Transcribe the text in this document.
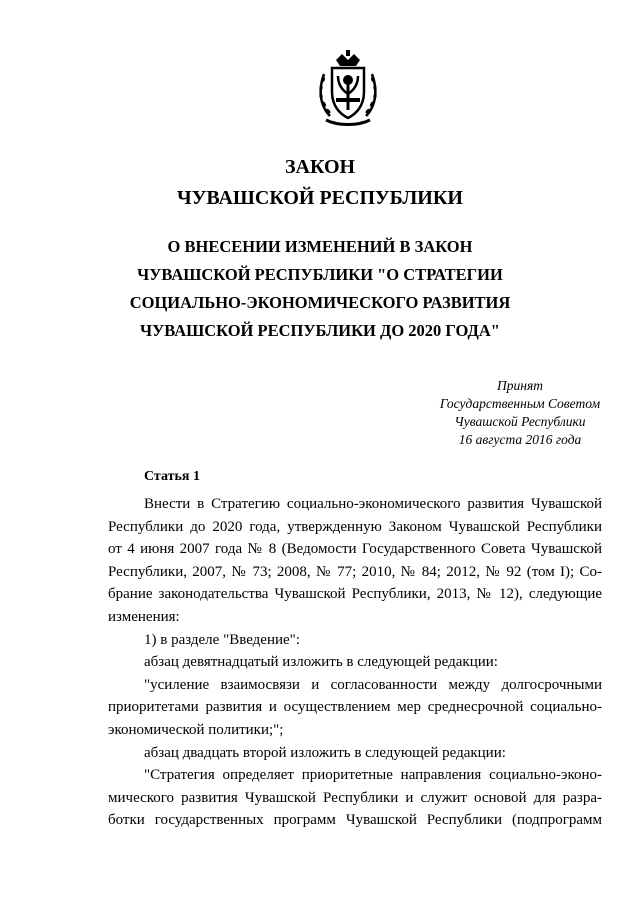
ЗАКОН
ЧУВАШСКОЙ РЕСПУБЛИКИ
О ВНЕСЕНИИ ИЗМЕНЕНИЙ В ЗАКОН
ЧУВАШСКОЙ РЕСПУБЛИКИ "О СТРАТЕГИИ
СОЦИАЛЬНО-ЭКОНОМИЧЕСКОГО РАЗВИТИЯ
ЧУВАШСКОЙ РЕСПУБЛИКИ ДО 2020 ГОДА"
Принят
Государственным Советом
Чувашской Республики
16 августа 2016 года
Статья 1
Внести в Стратегию социально-экономического развития Чувашской
Республики до 2020 года, утвержденную Законом Чувашской Республики
от 4 июня 2007 года № 8 (Ведомости Государственного Совета Чувашской
Республики, 2007, № 73; 2008, № 77; 2010, № 84; 2012, № 92 (том I); Со-
брание законодательства Чувашской Республики, 2013, № 12), следующие
изменения:
1) в разделе "Введение":
абзац девятнадцатый изложить в следующей редакции:
"усиление взаимосвязи и согласованности между долгосрочными
приоритетами развития и осуществлением мер среднесрочной социально-
экономической политики;";
абзац двадцать второй изложить в следующей редакции:
"Стратегия определяет приоритетные направления социально-эконо-
мического развития Чувашской Республики и служит основой для разра-
ботки государственных программ Чувашской Республики (подпрограмм
